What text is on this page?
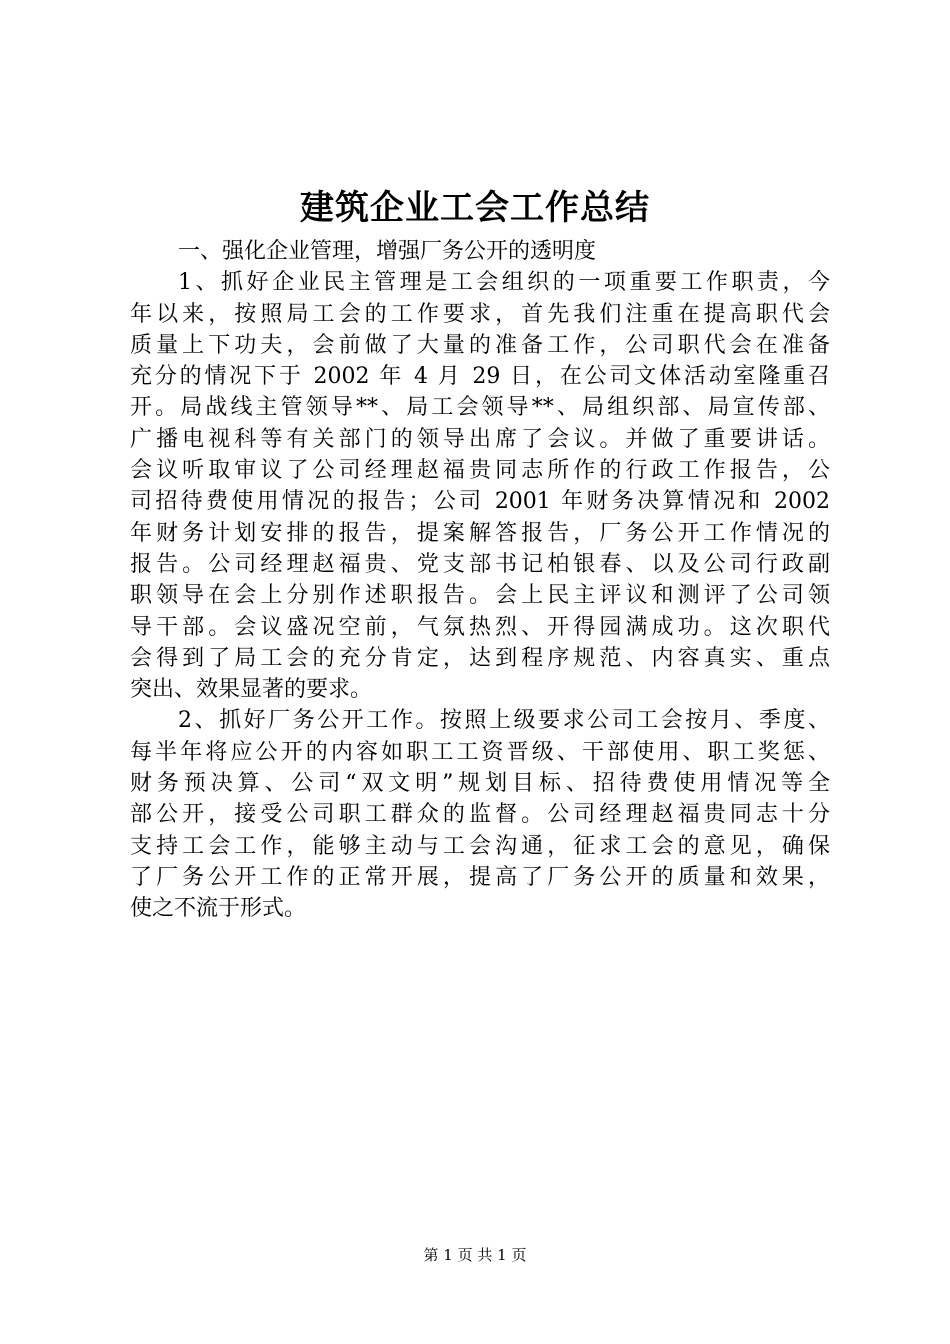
建筑企业工会工作总结
一、强化企业管理，增强厂务公开的透明度
1、抓好企业民主管理是工会组织的一项重要工作职责，今
年以来，按照局工会的工作要求，首先我们注重在提高职代会
质量上下功夫，会前做了大量的准备工作，公司职代会在准备
充分的情况下于 2002 年 4 月 29 日，在公司文体活动室隆重召
开。局战线主管领导**、局工会领导**、局组织部、局宣传部、
广播电视科等有关部门的领导出席了会议。并做了重要讲话。
会议听取审议了公司经理赵福贵同志所作的行政工作报告，公
司招待费使用情况的报告；公司 2001 年财务决算情况和 2002
年财务计划安排的报告，提案解答报告，厂务公开工作情况的
报告。公司经理赵福贵、党支部书记柏银春、以及公司行政副
职领导在会上分别作述职报告。会上民主评议和测评了公司领
导干部。会议盛况空前，气氛热烈、开得园满成功。这次职代
会得到了局工会的充分肯定，达到程序规范、内容真实、重点
突出、效果显著的要求。
2、抓好厂务公开工作。按照上级要求公司工会按月、季度、
每半年将应公开的内容如职工工资晋级、干部使用、职工奖惩、
财务预决算、公司“双文明”规划目标、招待费使用情况等全
部公开，接受公司职工群众的监督。公司经理赵福贵同志十分
支持工会工作，能够主动与工会沟通，征求工会的意见，确保
了厂务公开工作的正常开展，提高了厂务公开的质量和效果，
使之不流于形式。
第 1 页 共 1 页
